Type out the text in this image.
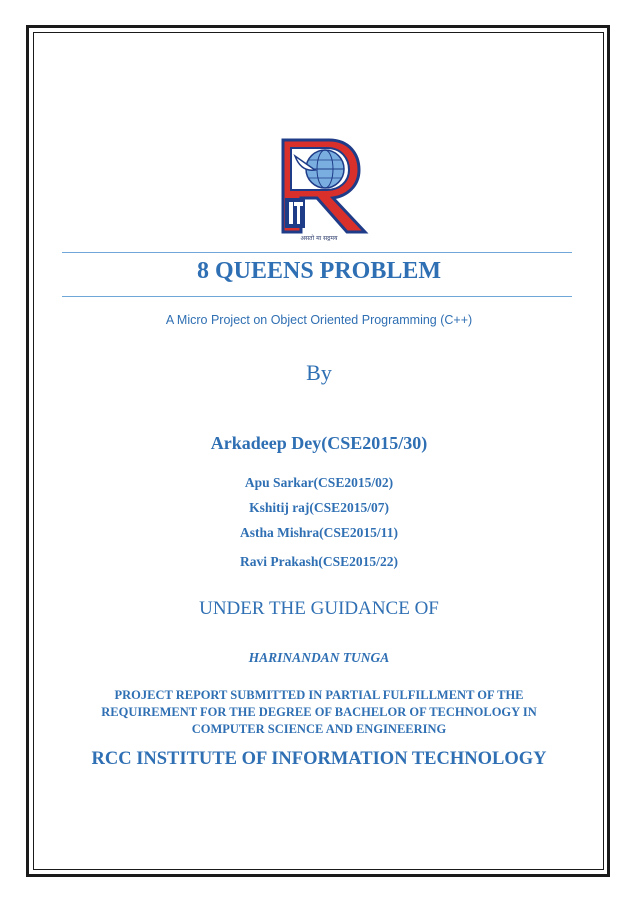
असतो मा सद्गमय
8 QUEENS PROBLEM
A Micro Project on Object Oriented Programming (C++)
By
Arkadeep Dey(CSE2015/30)
Apu Sarkar(CSE2015/02)
Kshitij raj(CSE2015/07)
Astha Mishra(CSE2015/11)
Ravi Prakash(CSE2015/22)
UNDER THE GUIDANCE OF
HARINANDAN TUNGA
PROJECT REPORT SUBMITTED IN PARTIAL FULFILLMENT OF THE
REQUIREMENT FOR THE DEGREE OF BACHELOR OF TECHNOLOGY IN
COMPUTER SCIENCE AND ENGINEERING
RCC INSTITUTE OF INFORMATION TECHNOLOGY
